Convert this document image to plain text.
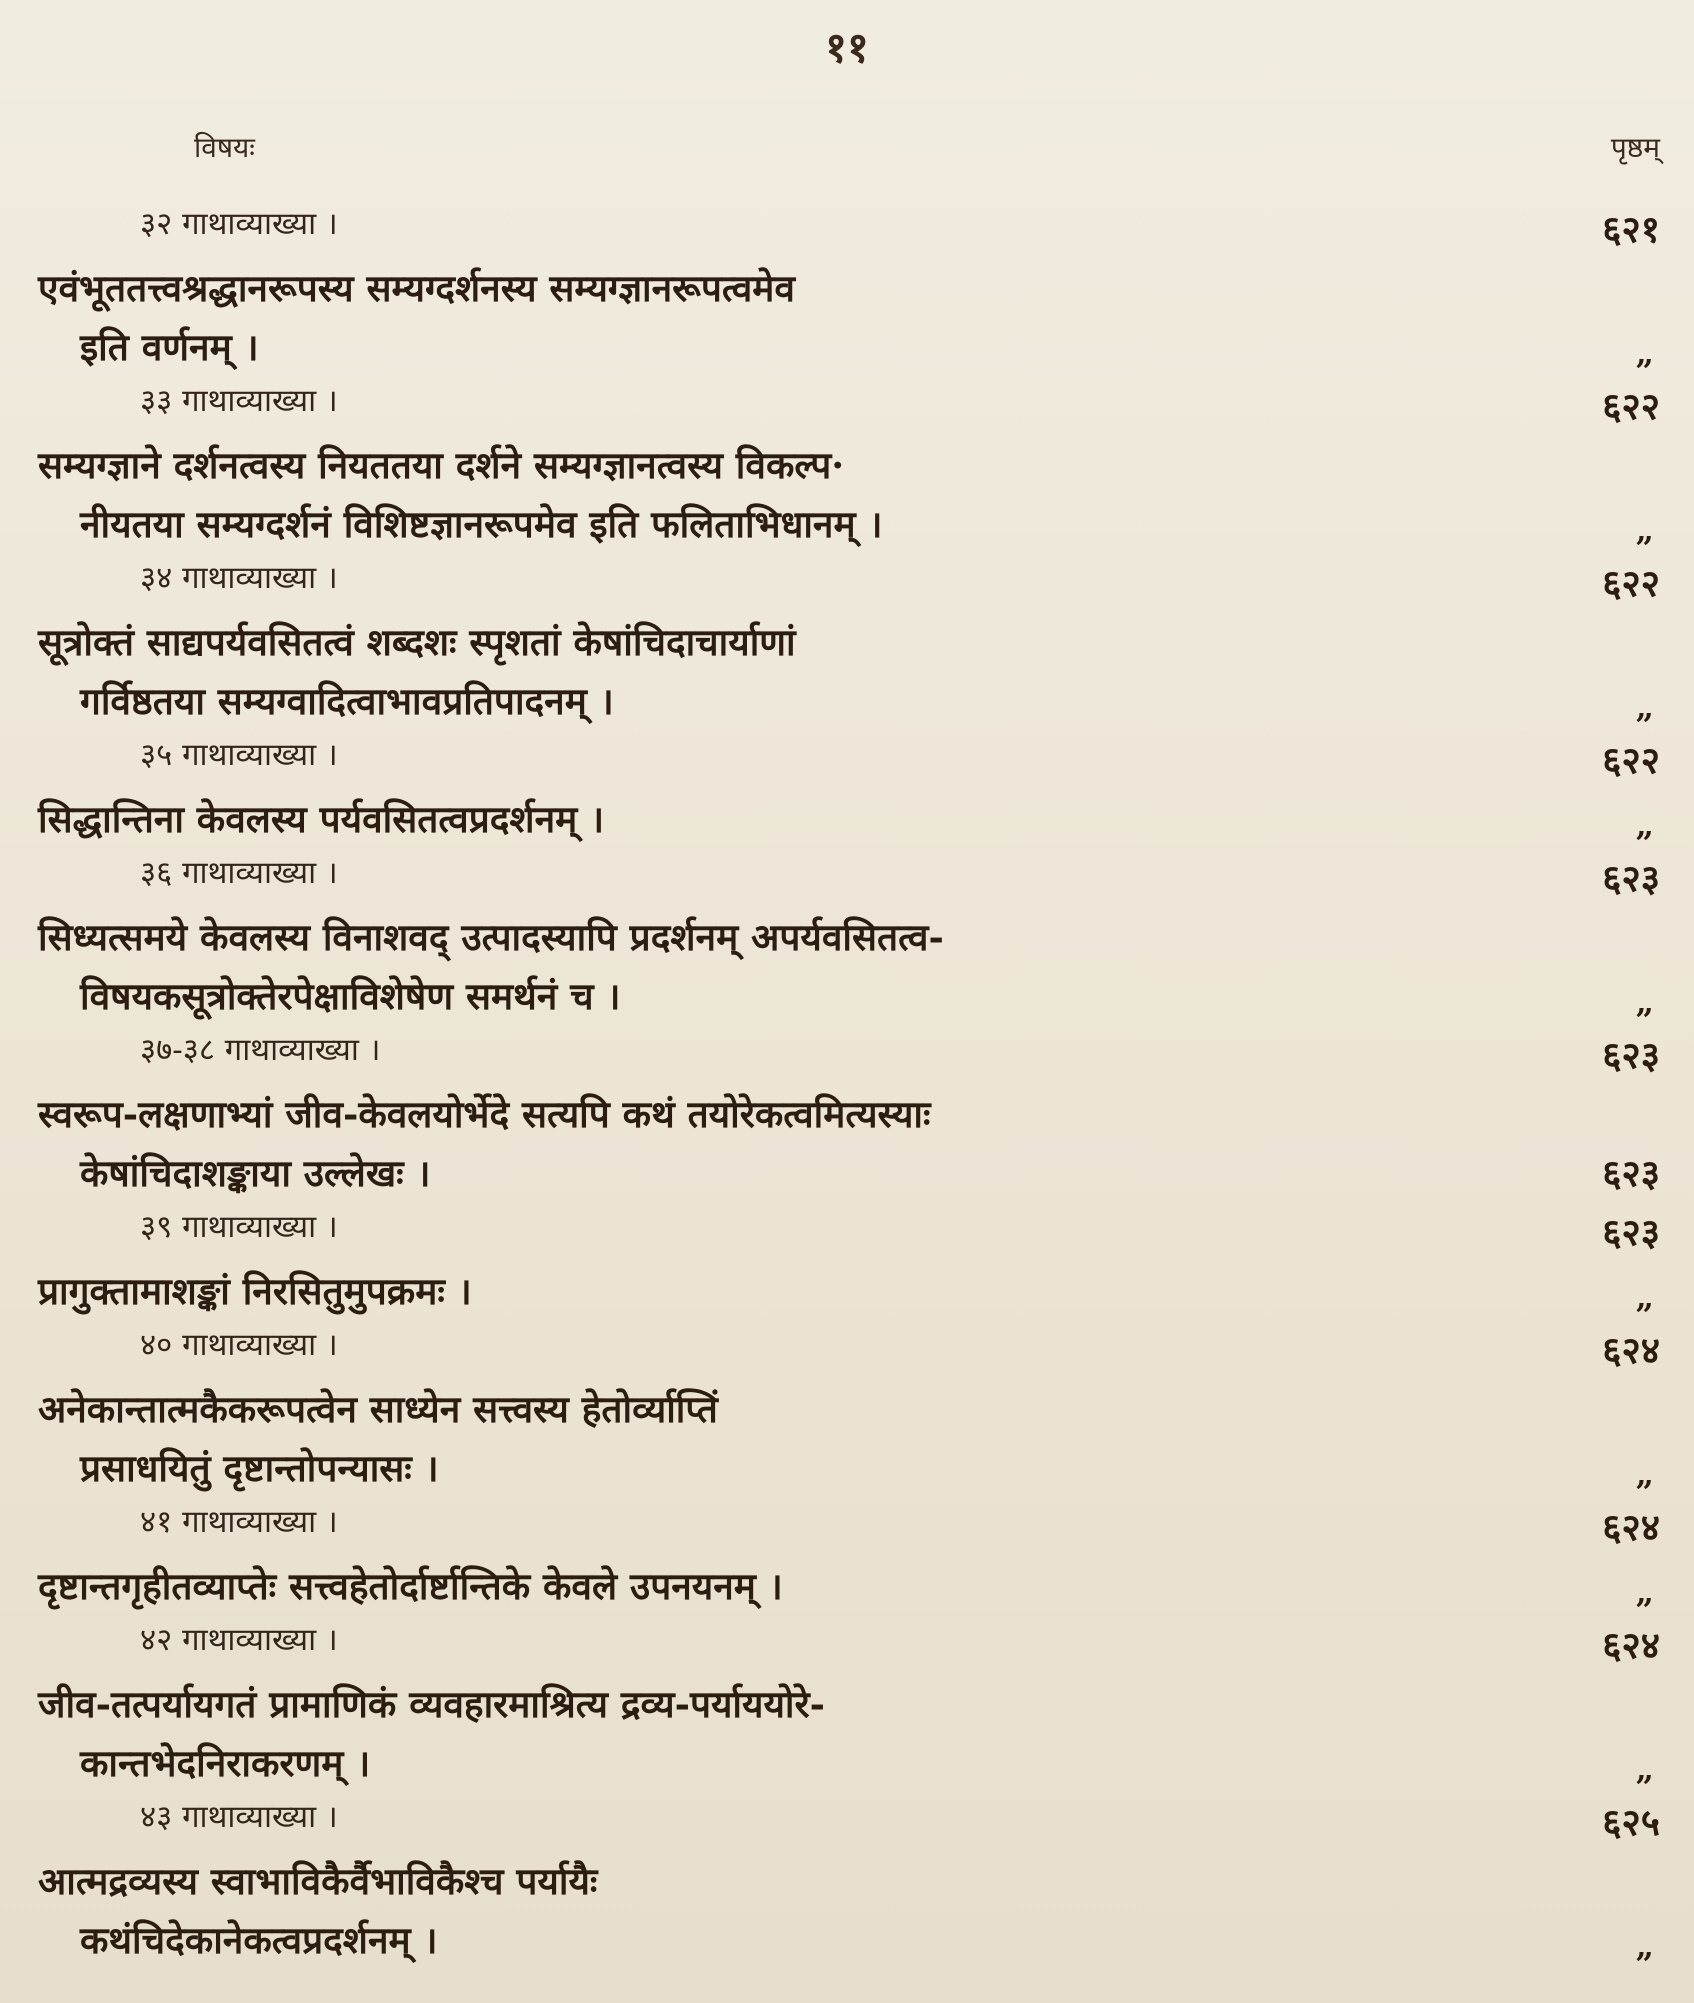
११
विषयः	पृष्ठम्
३२ गाथाव्याख्या ।	६२१
एवंभूततत्त्वश्रद्धानरूपस्य सम्यग्दर्शनस्य सम्यग्ज्ञानरूपत्वमेव
इति वर्णनम् ।	„
३३ गाथाव्याख्या ।	६२२
सम्यग्ज्ञाने दर्शनत्वस्य नियततया दर्शने सम्यग्ज्ञानत्वस्य विकल्प·
नीयतया सम्यग्दर्शनं विशिष्टज्ञानरूपमेव इति फलिताभिधानम् ।	„
३४ गाथाव्याख्या ।	६२२
सूत्रोक्तं साद्यपर्यवसितत्वं शब्दशः स्पृशतां केषांचिदाचार्याणां
गर्विष्ठतया सम्यग्वादित्वाभावप्रतिपादनम् ।	„
३५ गाथाव्याख्या ।	६२२
सिद्धान्तिना केवलस्य पर्यवसितत्वप्रदर्शनम् ।	„
३६ गाथाव्याख्या ।	६२३
सिध्यत्समये केवलस्य विनाशवद् उत्पादस्यापि प्रदर्शनम् अपर्यवसितत्व-
विषयकसूत्रोक्तेरपेक्षाविशेषेण समर्थनं च ।	„
३७-३८ गाथाव्याख्या ।	६२३
स्वरूप-लक्षणाभ्यां जीव-केवलयोर्भेदे सत्यपि कथं तयोरेकत्वमित्यस्याः
केषांचिदाशङ्काया उल्लेखः ।	६२३
३९ गाथाव्याख्या ।	६२३
प्रागुक्तामाशङ्कां निरसितुमुपक्रमः ।	„
४० गाथाव्याख्या ।	६२४
अनेकान्तात्मकैकरूपत्वेन साध्येन सत्त्वस्य हेतोर्व्याप्तिं
प्रसाधयितुं दृष्टान्तोपन्यासः ।	„
४१ गाथाव्याख्या ।	६२४
दृष्टान्तगृहीतव्याप्तेः सत्त्वहेतोर्दार्ष्टान्तिके केवले उपनयनम् ।	„
४२ गाथाव्याख्या ।	६२४
जीव-तत्पर्यायगतं प्रामाणिकं व्यवहारमाश्रित्य द्रव्य-पर्याययोरे-
कान्तभेदनिराकरणम् ।	„
४३ गाथाव्याख्या ।	६२५
आत्मद्रव्यस्य स्वाभाविकैर्वैभाविकैश्च पर्यायैः
कथंचिदेकानेकत्वप्रदर्शनम् ।	„
